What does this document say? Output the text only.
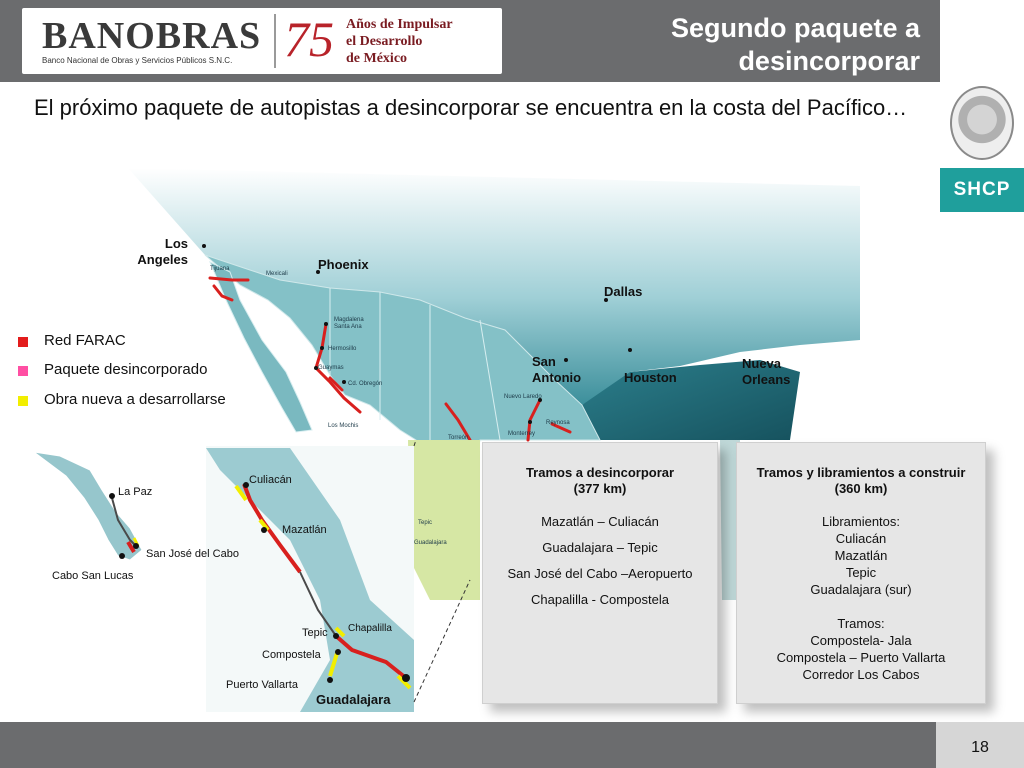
BANOBRAS
Banco Nacional de Obras y Servicios Públicos S.N.C. 75 Años de Impulsar
el Desarrollo
de México
Segundo paquete a desincorporar
SHCP
El próximo paquete de autopistas a desincorporar se encuentra en la costa del Pacífico…
Red FARAC
Paquete desincorporado
Obra nueva a desarrollarse
Los Angeles	Phoenix
Dallas
San Antonio	Houston
Nueva Orleans
Tijuana
Mexicali
Magdalena
Santa Ana
Hermosillo
Guaymas
Cd. Obregón
Los Mochis
Nuevo Laredo
Monterrey
Reynosa
Torreón
Tepic
Guadalajara
La Paz
San José del Cabo
Cabo San Lucas
Culiacán
Mazatlán
Tepic Chapalilla
Compostela
Puerto Vallarta
Guadalajara
Tramos a desincorporar
(377 km)
Mazatlán – Culiacán
Guadalajara – Tepic
San José del Cabo –Aeropuerto
Chapalilla - Compostela
Tramos y libramientos a construir
(360 km)
Libramientos:
Culiacán
Mazatlán
Tepic
Guadalajara (sur)
Tramos:
Compostela- Jala
Compostela – Puerto Vallarta
Corredor Los Cabos
18
